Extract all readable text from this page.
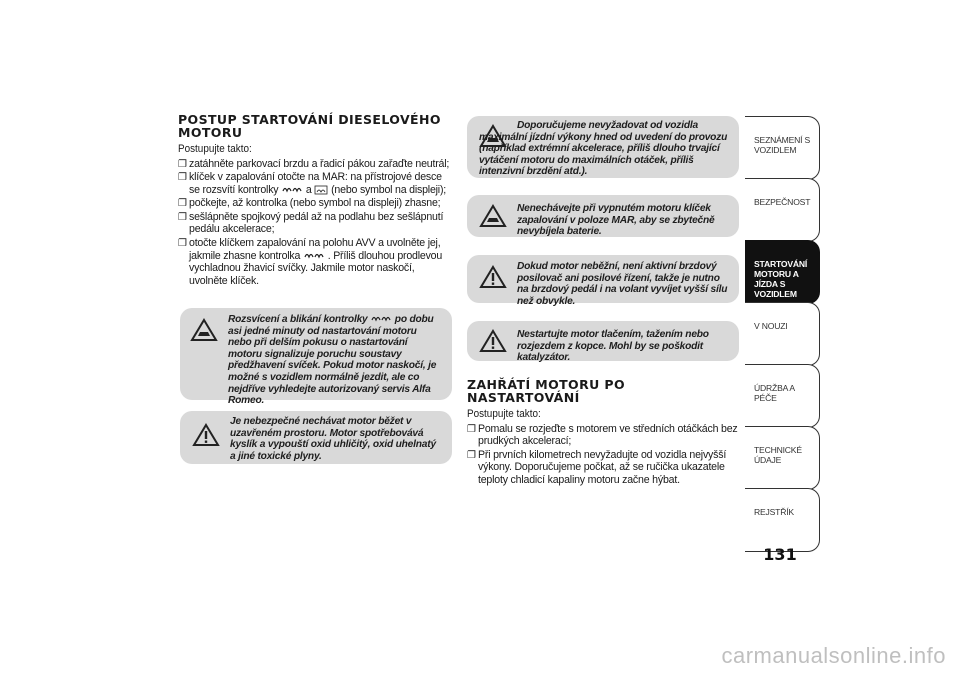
POSTUP STARTOVÁNÍ DIESELOVÉHO MOTORU

Postupujte takto:

❐ zatáhněte parkovací brzdu a řadicí pákou zařaďte neutrál;
❐ klíček v zapalování otočte na MAR: na přístrojové desce se rozsvítí kontrolky	a (nebo symbol na displeji);
❐ počkejte, až kontrolka (nebo symbol na displeji) zhasne;
❐ sešlápněte spojkový pedál až na podlahu bez sešlápnutí pedálu akcelerace;
❐ otočte klíčkem zapalování na polohu AVV a uvolněte jej, jakmile zhasne kontrolka	. Příliš dlouhou prodlevou vychladnou žhavicí svíčky. Jakmile motor naskočí, uvolněte klíček.
Rozsvícení a blikání kontrolky	po dobu asi jedné minuty od nastartování motoru nebo při delším pokusu o nastartování motoru signalizuje poruchu soustavy předžhavení svíček. Pokud motor naskočí, je možné s vozidlem normálně jezdit, ale co nejdříve vyhledejte autorizovaný servis Alfa Romeo.
Je nebezpečné nechávat motor běžet v uzavřeném prostoru. Motor spotřebovává kyslík a vypouští oxid uhličitý, oxid uhelnatý a jiné toxické plyny.
Doporučujeme nevyžadovat od vozidla maximální jízdní výkony hned od uvedení do provozu (například extrémní akcelerace, příliš dlouho trvající vytáčení motoru do maximálních otáček, příliš intenzivní brzdění atd.).
Nenechávejte při vypnutém motoru klíček zapalování v poloze MAR, aby se zbytečně nevybíjela baterie.
Dokud motor neběžní, není aktivní brzdový posilovač ani posilové řízení, takže je nutno na brzdový pedál i na volant vyvíjet vyšší sílu než obvykle.
Nestartujte motor tlačením, tažením nebo rozjezdem z kopce. Mohl by se poškodit katalyzátor.
ZAHŘÁTÍ MOTORU PO NASTARTOVÁNÍ

Postupujte takto:

❐ Pomalu se rozjeďte s motorem ve středních otáčkách bez prudkých akcelerací;
❐ Při prvních kilometrech nevyžadujte od vozidla nejvyšší výkony. Doporučujeme počkat, až se ručička ukazatele teploty chladicí kapaliny motoru začne hýbat.
SEZNÁMENÍ S VOZIDLEM
BEZPEČNOST
STARTOVÁNÍ MOTORU A JÍZDA S VOZIDLEM
V NOUZI
ÚDRŽBA A PÉČE
TECHNICKÉ ÚDAJE
REJSTŘÍK
131
carmanualsonline.info
